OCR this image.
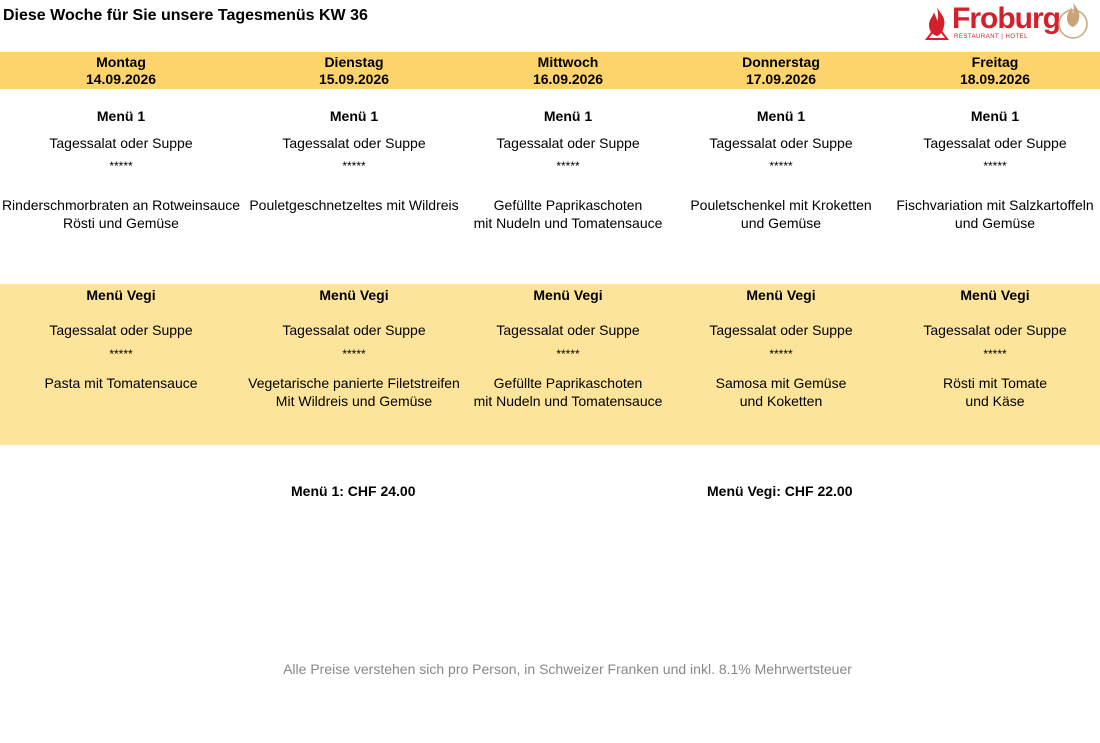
Diese Woche für Sie unsere Tagesmenüs KW 36	Froburg
RESTAURANT | HOTEL
Montag
14.09.2026
Menü 1
Tagessalat oder Suppe
*****
Rinderschmorbraten an Rotweinsauce
Rösti und Gemüse
Menü Vegi
Tagessalat oder Suppe
*****
Pasta mit Tomatensauce
Dienstag
15.09.2026
Menü 1
Tagessalat oder Suppe
*****
Pouletgeschnetzeltes mit Wildreis
Menü Vegi
Tagessalat oder Suppe
*****
Vegetarische panierte Filetstreifen
Mit Wildreis und Gemüse
Mittwoch
16.09.2026
Menü 1
Tagessalat oder Suppe
*****
Gefüllte Paprikaschoten
mit Nudeln und Tomatensauce
Menü Vegi
Tagessalat oder Suppe
*****
Gefüllte Paprikaschoten
mit Nudeln und Tomatensauce
Donnerstag
17.09.2026
Menü 1
Tagessalat oder Suppe
*****
Pouletschenkel mit Kroketten
und Gemüse
Menü Vegi
Tagessalat oder Suppe
*****
Samosa mit Gemüse
und Koketten
Freitag
18.09.2026
Menü 1
Tagessalat oder Suppe
*****
Fischvariation mit Salzkartoffeln
und Gemüse
Menü Vegi
Tagessalat oder Suppe
*****
Rösti mit Tomate
und Käse
Menü 1: CHF 24.00	Menü Vegi: CHF 22.00
Alle Preise verstehen sich pro Person, in Schweizer Franken und inkl. 8.1% Mehrwertsteuer
